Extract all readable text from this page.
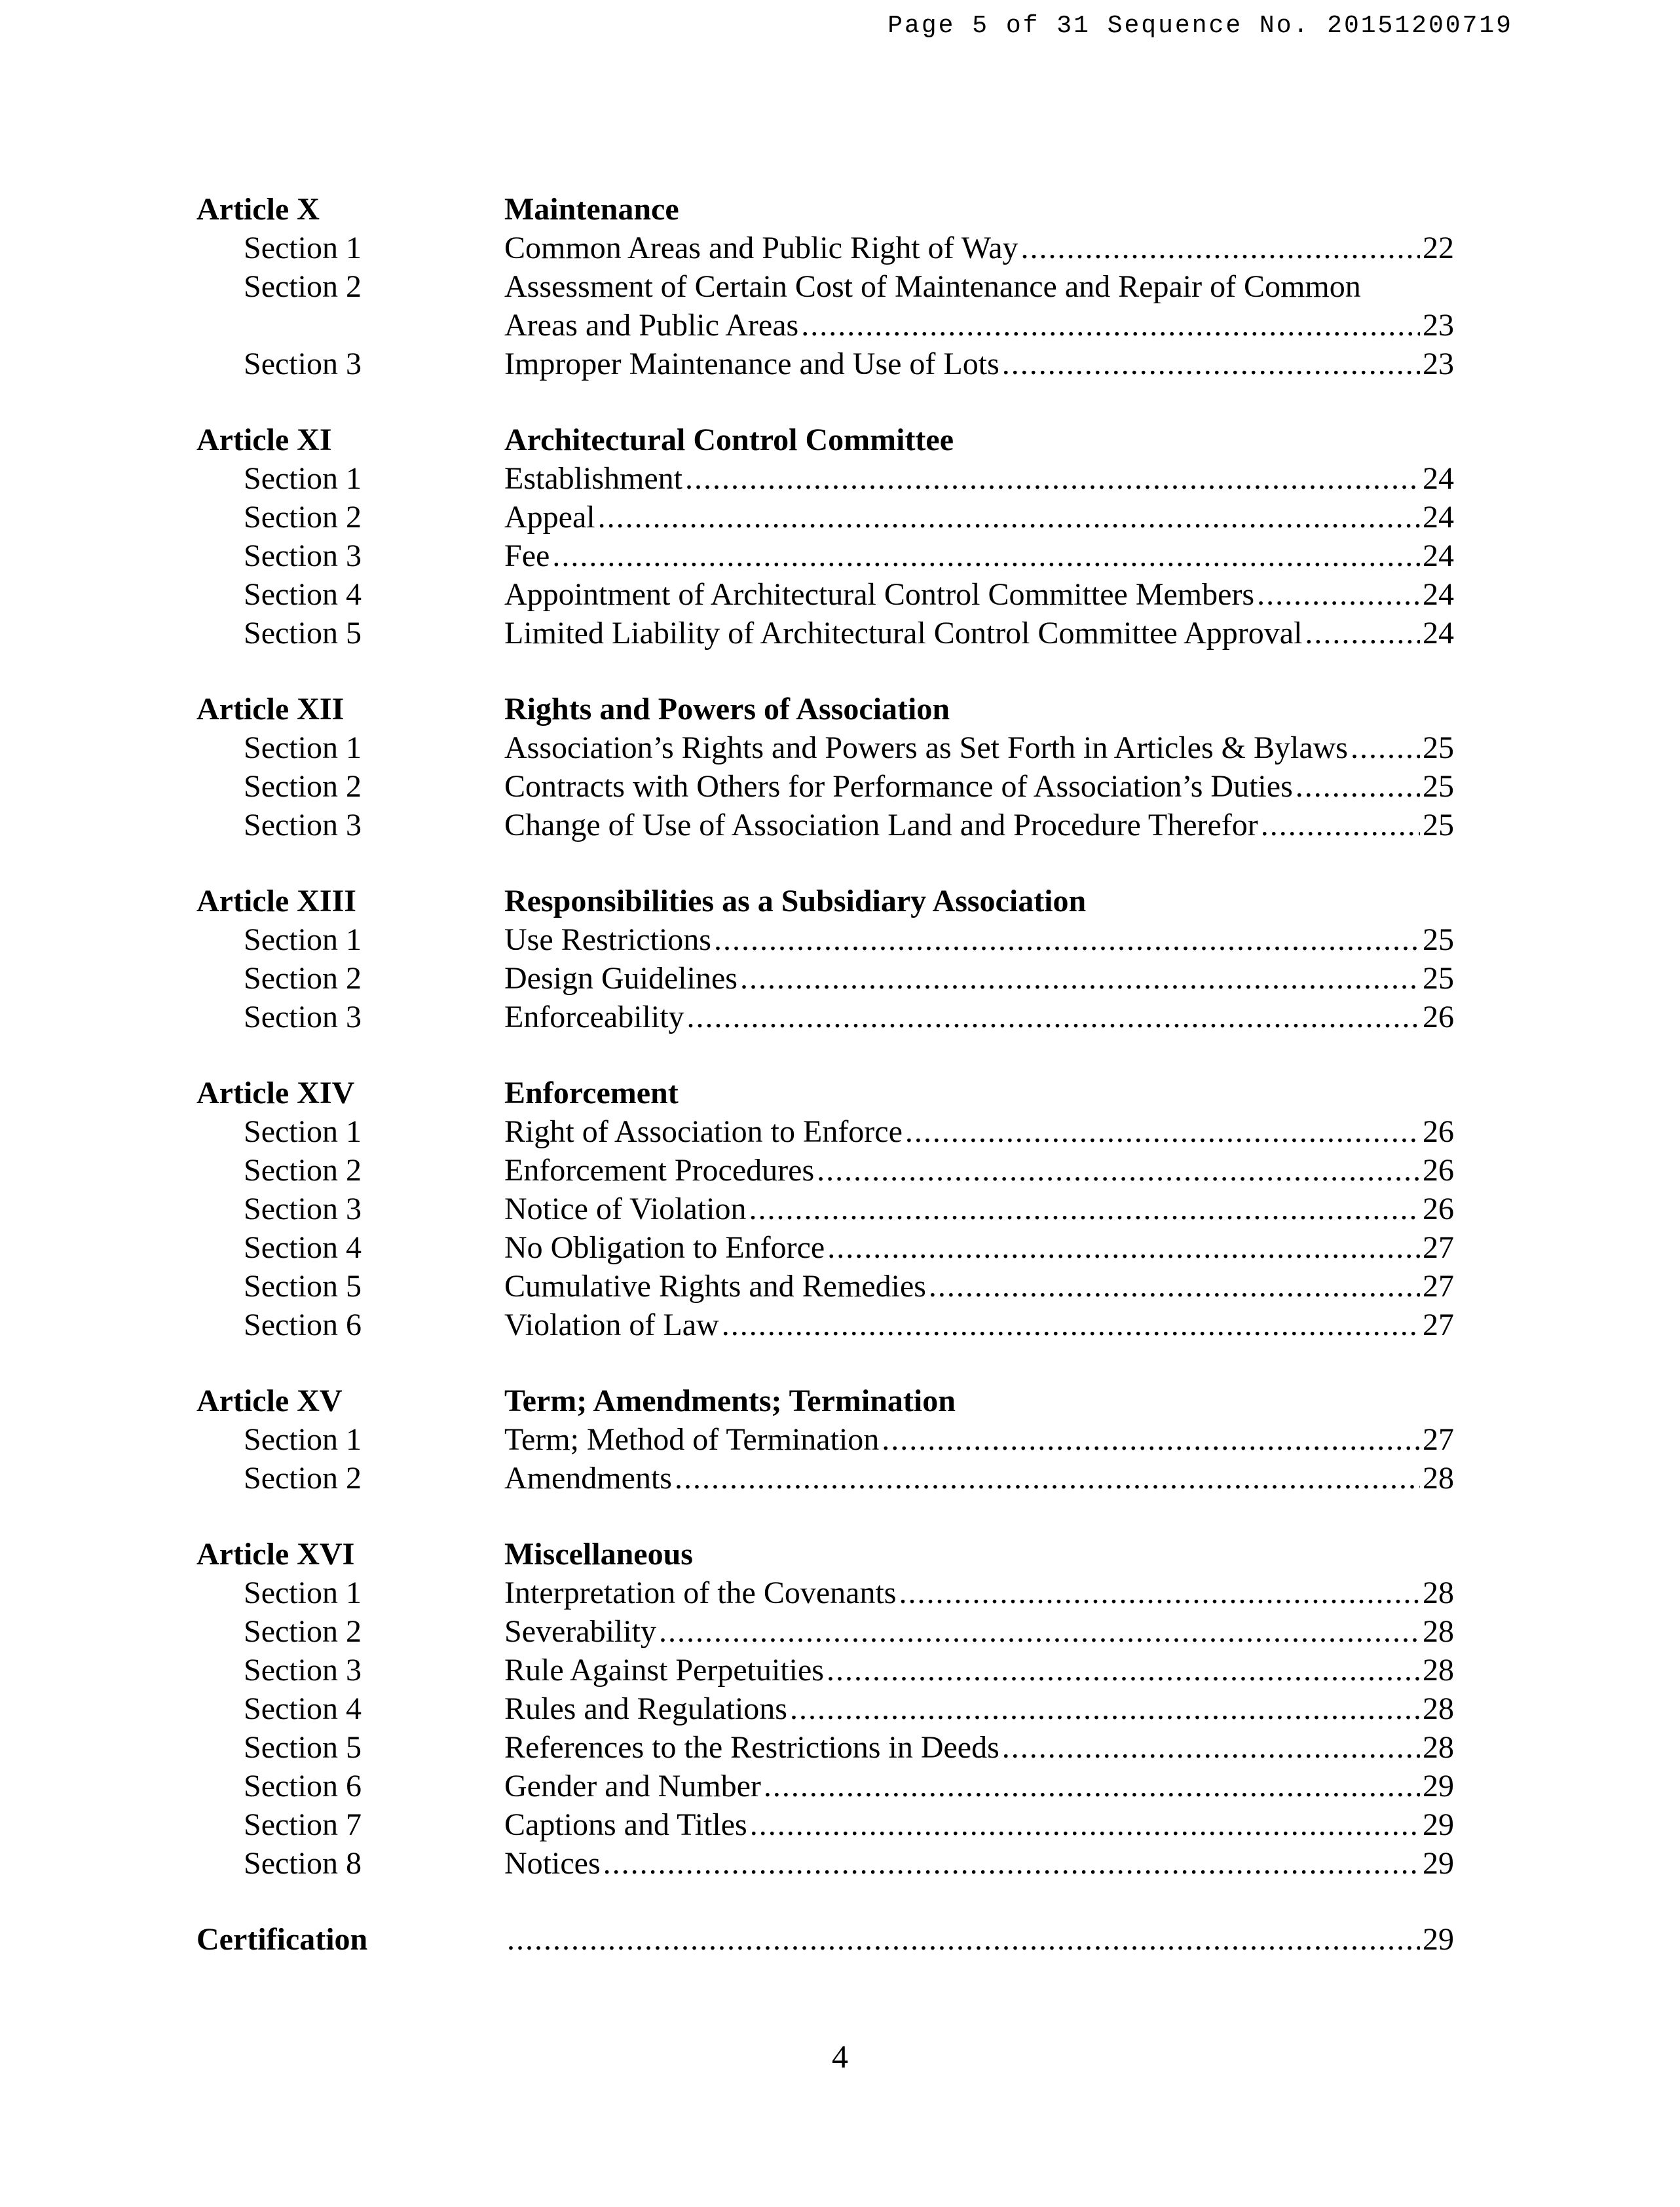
Page 5 of 31 Sequence No. 20151200719
Article X	Maintenance
Section 1	Common Areas and Public Right of Way .....	22
Section 2	Assessment of Certain Cost of Maintenance and Repair of Common
Areas and Public Areas .....	23
Section 3	Improper Maintenance and Use of Lots .....	23
Article XI	Architectural Control Committee
Section 1	Establishment .....	24
Section 2	Appeal .....	24
Section 3	Fee .....	24
Section 4	Appointment of Architectural Control Committee Members .....	24
Section 5	Limited Liability of Architectural Control Committee Approval .....	24
Article XII	Rights and Powers of Association
Section 1	Association’s Rights and Powers as Set Forth in Articles & Bylaws ..... 25
Section 2	Contracts with Others for Performance of Association’s Duties .....	25
Section 3	Change of Use of Association Land and Procedure Therefor .....	25
Article XIII	Responsibilities as a Subsidiary Association
Section 1	Use Restrictions .....	25
Section 2	Design Guidelines .....	25
Section 3	Enforceability .....	26
Article XIV	Enforcement
Section 1	Right of Association to Enforce .....	26
Section 2	Enforcement Procedures .....	26
Section 3	Notice of Violation .....	26
Section 4	No Obligation to Enforce .....	27
Section 5	Cumulative Rights and Remedies .....	27
Section 6	Violation of Law .....	27
Article XV	Term; Amendments; Termination
Section 1	Term; Method of Termination .....	27
Section 2	Amendments .....	28
Article XVI	Miscellaneous
Section 1	Interpretation of the Covenants .....	28
Section 2	Severability .....	28
Section 3	Rule Against Perpetuities .....	28
Section 4	Rules and Regulations .....	28
Section 5	References to the Restrictions in Deeds .....	28
Section 6	Gender and Number .....	29
Section 7	Captions and Titles .....	29
Section 8	Notices .....	29
Certification .....	29
4
